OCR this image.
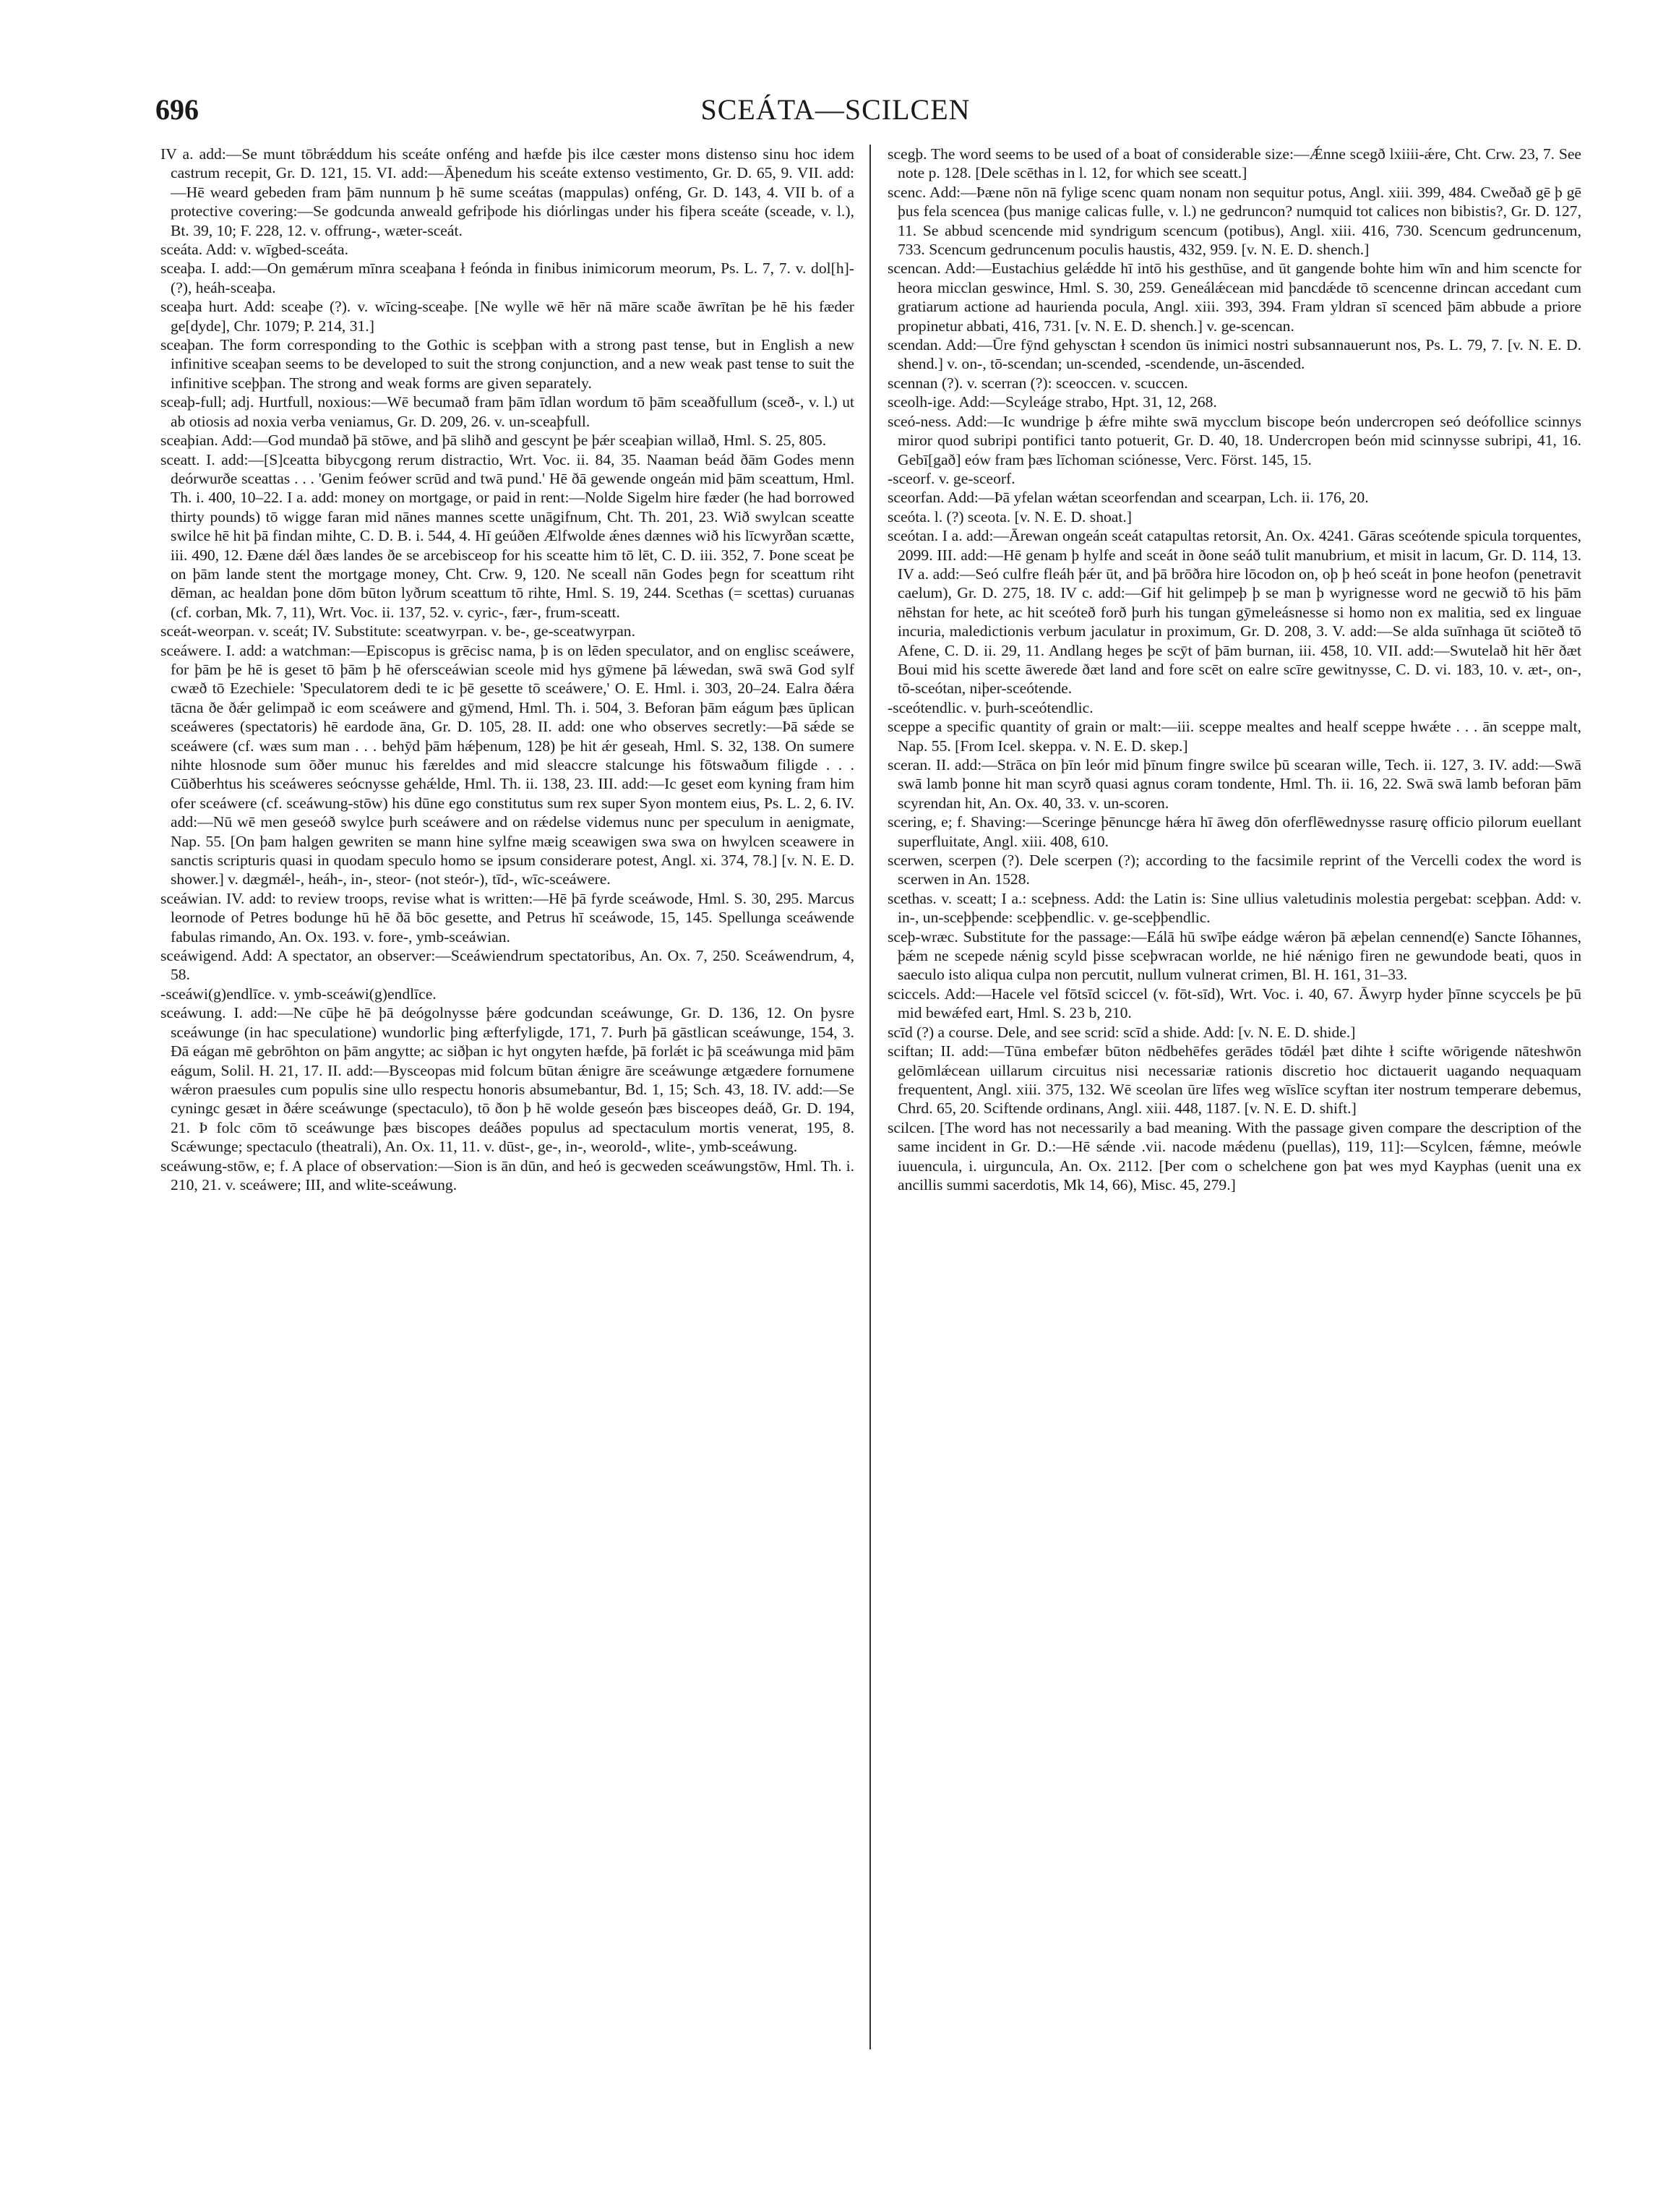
696	SCEÁTA—SCILCEN

IV a. add:—Se munt tōbrǽddum his sceáte onféng and hæfde þis ilce cæster mons distenso sinu hoc idem castrum recepit, Gr. D. 121, 15. VI. add:—Āþenedum his sceáte extenso vestimento, Gr. D. 65, 9. VII. add:—Hē weard gebeden fram þām nunnum þ hē sume sceátas (mappulas) onféng, Gr. D. 143, 4. VII b. of a protective covering:—Se godcunda anweald gefriþode his diórlingas under his fiþera sceáte (sceade, v. l.), Bt. 39, 10; F. 228, 12. v. offrung-, wæter-sceát.

sceáta. Add: v. wīgbed-sceáta.

sceaþa. I. add:—On gemǽrum mīnra sceaþana ł feónda in finibus inimicorum meorum, Ps. L. 7, 7. v. dol[h]- (?), heáh-sceaþa.

sceaþa hurt. Add: sceaþe (?). v. wīcing-sceaþe. [Ne wylle wē hēr nā māre scaðe āwrītan þe hē his fæder ge[dyde], Chr. 1079; P. 214, 31.]

sceaþan. The form corresponding to the Gothic is sceþþan with a strong past tense, but in English a new infinitive sceaþan seems to be developed to suit the strong conjunction, and a new weak past tense to suit the infinitive sceþþan. The strong and weak forms are given separately.

sceaþ-full; adj. Hurtfull, noxious:—Wē becumað fram þām īdlan wordum tō þām sceaðfullum (sceð-, v. l.) ut ab otiosis ad noxia verba veniamus, Gr. D. 209, 26. v. un-sceaþfull.

sceaþian. Add:—God mundað þā stōwe, and þā slihð and gescynt þe þǽr sceaþian willað, Hml. S. 25, 805.

sceatt. I. add:—[S]ceatta bibycgong rerum distractio, Wrt. Voc. ii. 84, 35. Naaman beád ðām Godes menn deórwurðe sceattas . . . 'Genim feówer scrūd and twā pund.' Hē ðā gewende ongeán mid þām sceattum, Hml. Th. i. 400, 10–22. I a. add: money on mortgage, or paid in rent:—Nolde Sigelm hire fæder (he had borrowed thirty pounds) tō wigge faran mid nānes mannes scette unāgifnum, Cht. Th. 201, 23. Wið swylcan sceatte swilce hē hit þā findan mihte, C. D. B. i. 544, 4. Hī geúðen Ælfwolde ǽnes dænnes wið his līcwyrðan scætte, iii. 490, 12. Ðæne dǽl ðæs landes ðe se arcebisceop for his sceatte him tō lēt, C. D. iii. 352, 7. Þone sceat þe on þām lande stent the mortgage money, Cht. Crw. 9, 120. Ne sceall nān Godes þegn for sceattum riht dēman, ac healdan þone dōm būton lyðrum sceattum tō rihte, Hml. S. 19, 244. Scethas (= scettas) curuanas (cf. corban, Mk. 7, 11), Wrt. Voc. ii. 137, 52. v. cyric-, fær-, frum-sceatt.

sceát-weorpan. v. sceát; IV. Substitute: sceatwyrpan. v. be-, ge-sceatwyrpan.

sceáwere. I. add: a watchman:—Episcopus is grēcisc nama, þ is on lēden speculator, and on englisc sceáwere, for þām þe hē is geset tō þām þ hē ofersceáwian sceole mid hys gȳmene þā lǽwedan, swā swā God sylf cwæð tō Ezechiele: 'Speculatorem dedi te ic þē gesette tō sceáwere,' O. E. Hml. i. 303, 20–24. Ealra ðǽra tācna ðe ðǽr gelimpað ic eom sceáwere and gȳmend, Hml. Th. i. 504, 3. Beforan þām eágum þæs ūplican sceáweres (spectatoris) hē eardode āna, Gr. D. 105, 28. II. add: one who observes secretly:—Þā sǽde se sceáwere (cf. wæs sum man . . . behȳd þām hǽþenum, 128) þe hit ǽr geseah, Hml. S. 32, 138. On sumere nihte hlosnode sum ōðer munuc his færeldes and mid sleaccre stalcunge his fōtswaðum filigde . . . Cūðberhtus his sceáweres seócnysse gehǽlde, Hml. Th. ii. 138, 23. III. add:—Ic geset eom kyning fram him ofer sceáwere (cf. sceáwung-stōw) his dūne ego constitutus sum rex super Syon montem eius, Ps. L. 2, 6. IV. add:—Nū wē men geseóð swylce þurh sceáwere and on rǽdelse videmus nunc per speculum in aenigmate, Nap. 55. [On þam halgen gewriten se mann hine sylfne mæig sceawigen swa swa on hwylcen sceawere in sanctis scripturis quasi in quodam speculo homo se ipsum considerare potest, Angl. xi. 374, 78.] [v. N. E. D. shower.] v. dægmǽl-, heáh-, in-, steor- (not steór-), tīd-, wīc-sceáwere.

sceáwian. IV. add: to review troops, revise what is written:—Hē þā fyrde sceáwode, Hml. S. 30, 295. Marcus leornode of Petres bodunge hū hē ðā bōc gesette, and Petrus hī sceáwode, 15, 145. Spellunga sceáwende fabulas rimando, An. Ox. 193. v. fore-, ymb-sceáwian.

sceáwigend. Add: A spectator, an observer:—Sceáwiendrum spectatoribus, An. Ox. 7, 250. Sceáwendrum, 4, 58.

-sceáwi(g)endlīce. v. ymb-sceáwi(g)endlīce.

sceáwung. I. add:—Ne cūþe hē þā deógolnysse þǽre godcundan sceáwunge, Gr. D. 136, 12. On þysre sceáwunge (in hac speculatione) wundorlic þing æfterfyligde, 171, 7. Þurh þā gāstlican sceáwunge, 154, 3. Ðā eágan mē gebrōhton on þām angytte; ac siðþan ic hyt ongyten hæfde, þā forlǽt ic þā sceáwunga mid þām eágum, Solil. H. 21, 17. II. add:—Bysceopas mid folcum būtan ǽnigre āre sceáwunge ætgædere fornumene wǽron praesules cum populis sine ullo respectu honoris absumebantur, Bd. 1, 15; Sch. 43, 18. IV. add:—Se cyningc gesæt in ðǽre sceáwunge (spectaculo), tō ðon þ hē wolde geseón þæs bisceopes deáð, Gr. D. 194, 21. Þ folc cōm tō sceáwunge þæs biscopes deáðes populus ad spectaculum mortis venerat, 195, 8. Scǽwunge; spectaculo (theatrali), An. Ox. 11, 11. v. dūst-, ge-, in-, weorold-, wlite-, ymb-sceáwung.

sceáwung-stōw, e; f. A place of observation:—Sion is ān dūn, and heó is gecweden sceáwungstōw, Hml. Th. i. 210, 21. v. sceáwere; III, and wlite-sceáwung.

scegþ. The word seems to be used of a boat of considerable size:—Ǽnne scegð lxiiii-ǽre, Cht. Crw. 23, 7. See note p. 128. [Dele scēthas in l. 12, for which see sceatt.]

scenc. Add:—Þæne nōn nā fylige scenc quam nonam non sequitur potus, Angl. xiii. 399, 484. Cweðað gē þ gē þus fela scencea (þus manige calicas fulle, v. l.) ne gedruncon? numquid tot calices non bibistis?, Gr. D. 127, 11. Se abbud scencende mid syndrigum scencum (potibus), Angl. xiii. 416, 730. Scencum gedruncenum, 733. Scencum gedruncenum poculis haustis, 432, 959. [v. N. E. D. shench.]

scencan. Add:—Eustachius gelǽdde hī intō his gesthūse, and ūt gangende bohte him wīn and him scencte for heora micclan geswince, Hml. S. 30, 259. Geneálǽcean mid þancdǽde tō scencenne drincan accedant cum gratiarum actione ad haurienda pocula, Angl. xiii. 393, 394. Fram yldran sī scenced þām abbude a priore propinetur abbati, 416, 731. [v. N. E. D. shench.] v. ge-scencan.

scendan. Add:—Ūre fȳnd gehysctan ł scendon ūs inimici nostri subsannauerunt nos, Ps. L. 79, 7. [v. N. E. D. shend.] v. on-, tō-scendan; un-scended, -scendende, un-āscended.

scennan (?). v. scerran (?): sceoccen. v. scuccen.

sceolh-ige. Add:—Scyleáge strabo, Hpt. 31, 12, 268.

sceó-ness. Add:—Ic wundrige þ ǽfre mihte swā mycclum biscope beón undercropen seó deófollice scinnys miror quod subripi pontifici tanto potuerit, Gr. D. 40, 18. Undercropen beón mid scinnysse subripi, 41, 16. Gebī[gað] eów fram þæs līchoman sciónesse, Verc. Först. 145, 15.

-sceorf. v. ge-sceorf.

sceorfan. Add:—Þā yfelan wǽtan sceorfendan and scearpan, Lch. ii. 176, 20.

sceóta. l. (?) sceota. [v. N. E. D. shoat.]

sceótan. I a. add:—Ārewan ongeán sceát catapultas retorsit, An. Ox. 4241. Gāras sceótende spicula torquentes, 2099. III. add:—Hē genam þ hylfe and sceát in ðone seáð tulit manubrium, et misit in lacum, Gr. D. 114, 13. IV a. add:—Seó culfre fleáh þǽr ūt, and þā brōðra hire lōcodon on, oþ þ heó sceát in þone heofon (penetravit caelum), Gr. D. 275, 18. IV c. add:—Gif hit gelimpeþ þ se man þ wyrignesse word ne gecwið tō his þām nēhstan for hete, ac hit sceóteð forð þurh his tungan gȳmeleásnesse si homo non ex malitia, sed ex linguae incuria, maledictionis verbum jaculatur in proximum, Gr. D. 208, 3. V. add:—Se alda suīnhaga ūt sciōteð tō Afene, C. D. ii. 29, 11. Andlang heges þe scȳt of þām burnan, iii. 458, 10. VII. add:—Swutelað hit hēr ðæt Boui mid his scette āwerede ðæt land and fore scēt on ealre scīre gewitnysse, C. D. vi. 183, 10. v. æt-, on-, tō-sceótan, niþer-sceótende.

-sceótendlic. v. þurh-sceótendlic.

sceppe a specific quantity of grain or malt:—iii. sceppe mealtes and healf sceppe hwǽte . . . ān sceppe malt, Nap. 55. [From Icel. skeppa. v. N. E. D. skep.]

sceran. II. add:—Strāca on þīn leór mid þīnum fingre swilce þū scearan wille, Tech. ii. 127, 3. IV. add:—Swā swā lamb þonne hit man scyrð quasi agnus coram tondente, Hml. Th. ii. 16, 22. Swā swā lamb beforan þām scyrendan hit, An. Ox. 40, 33. v. un-scoren.

scering, e; f. Shaving:—Sceringe þēnuncge hǽra hī āweg dōn oferflēwednysse rasurę officio pilorum euellant superfluitate, Angl. xiii. 408, 610.

scerwen, scerpen (?). Dele scerpen (?); according to the facsimile reprint of the Vercelli codex the word is scerwen in An. 1528.

scethas. v. sceatt; I a.: sceþness. Add: the Latin is: Sine ullius valetudinis molestia pergebat: sceþþan. Add: v. in-, un-sceþþende: sceþþendlic. v. ge-sceþþendlic.

sceþ-wræc. Substitute for the passage:—Eálā hū swīþe eádge wǽron þā æþelan cennend(e) Sancte Iōhannes, þǽm ne scepede nǽnig scyld þisse sceþwracan worlde, ne hié nǽnigo firen ne gewundode beati, quos in saeculo isto aliqua culpa non percutit, nullum vulnerat crimen, Bl. H. 161, 31–33.

sciccels. Add:—Hacele vel fōtsīd sciccel (v. fōt-sīd), Wrt. Voc. i. 40, 67. Āwyrp hyder þīnne scyccels þe þū mid bewǽfed eart, Hml. S. 23 b, 210.

scīd (?) a course. Dele, and see scrid: scīd a shide. Add: [v. N. E. D. shide.]

sciftan; II. add:—Tūna embefær būton nēdbehēfes gerādes tōdǽl þæt dihte ł scifte wōrigende nāteshwōn gelōmlǽcean uillarum circuitus nisi necessariæ rationis discretio hoc dictauerit uagando nequaquam frequentent, Angl. xiii. 375, 132. Wē sceolan ūre līfes weg wīslīce scyftan iter nostrum temperare debemus, Chrd. 65, 20. Sciftende ordinans, Angl. xiii. 448, 1187. [v. N. E. D. shift.]

scilcen. [The word has not necessarily a bad meaning. With the passage given compare the description of the same incident in Gr. D.:—Hē sǽnde .vii. nacode mǽdenu (puellas), 119, 11]:—Scylcen, fǽmne, meówle iuuencula, i. uirguncula, An. Ox. 2112. [Þer com o schelchene gon þat wes myd Kayphas (uenit una ex ancillis summi sacerdotis, Mk 14, 66), Misc. 45, 279.]
